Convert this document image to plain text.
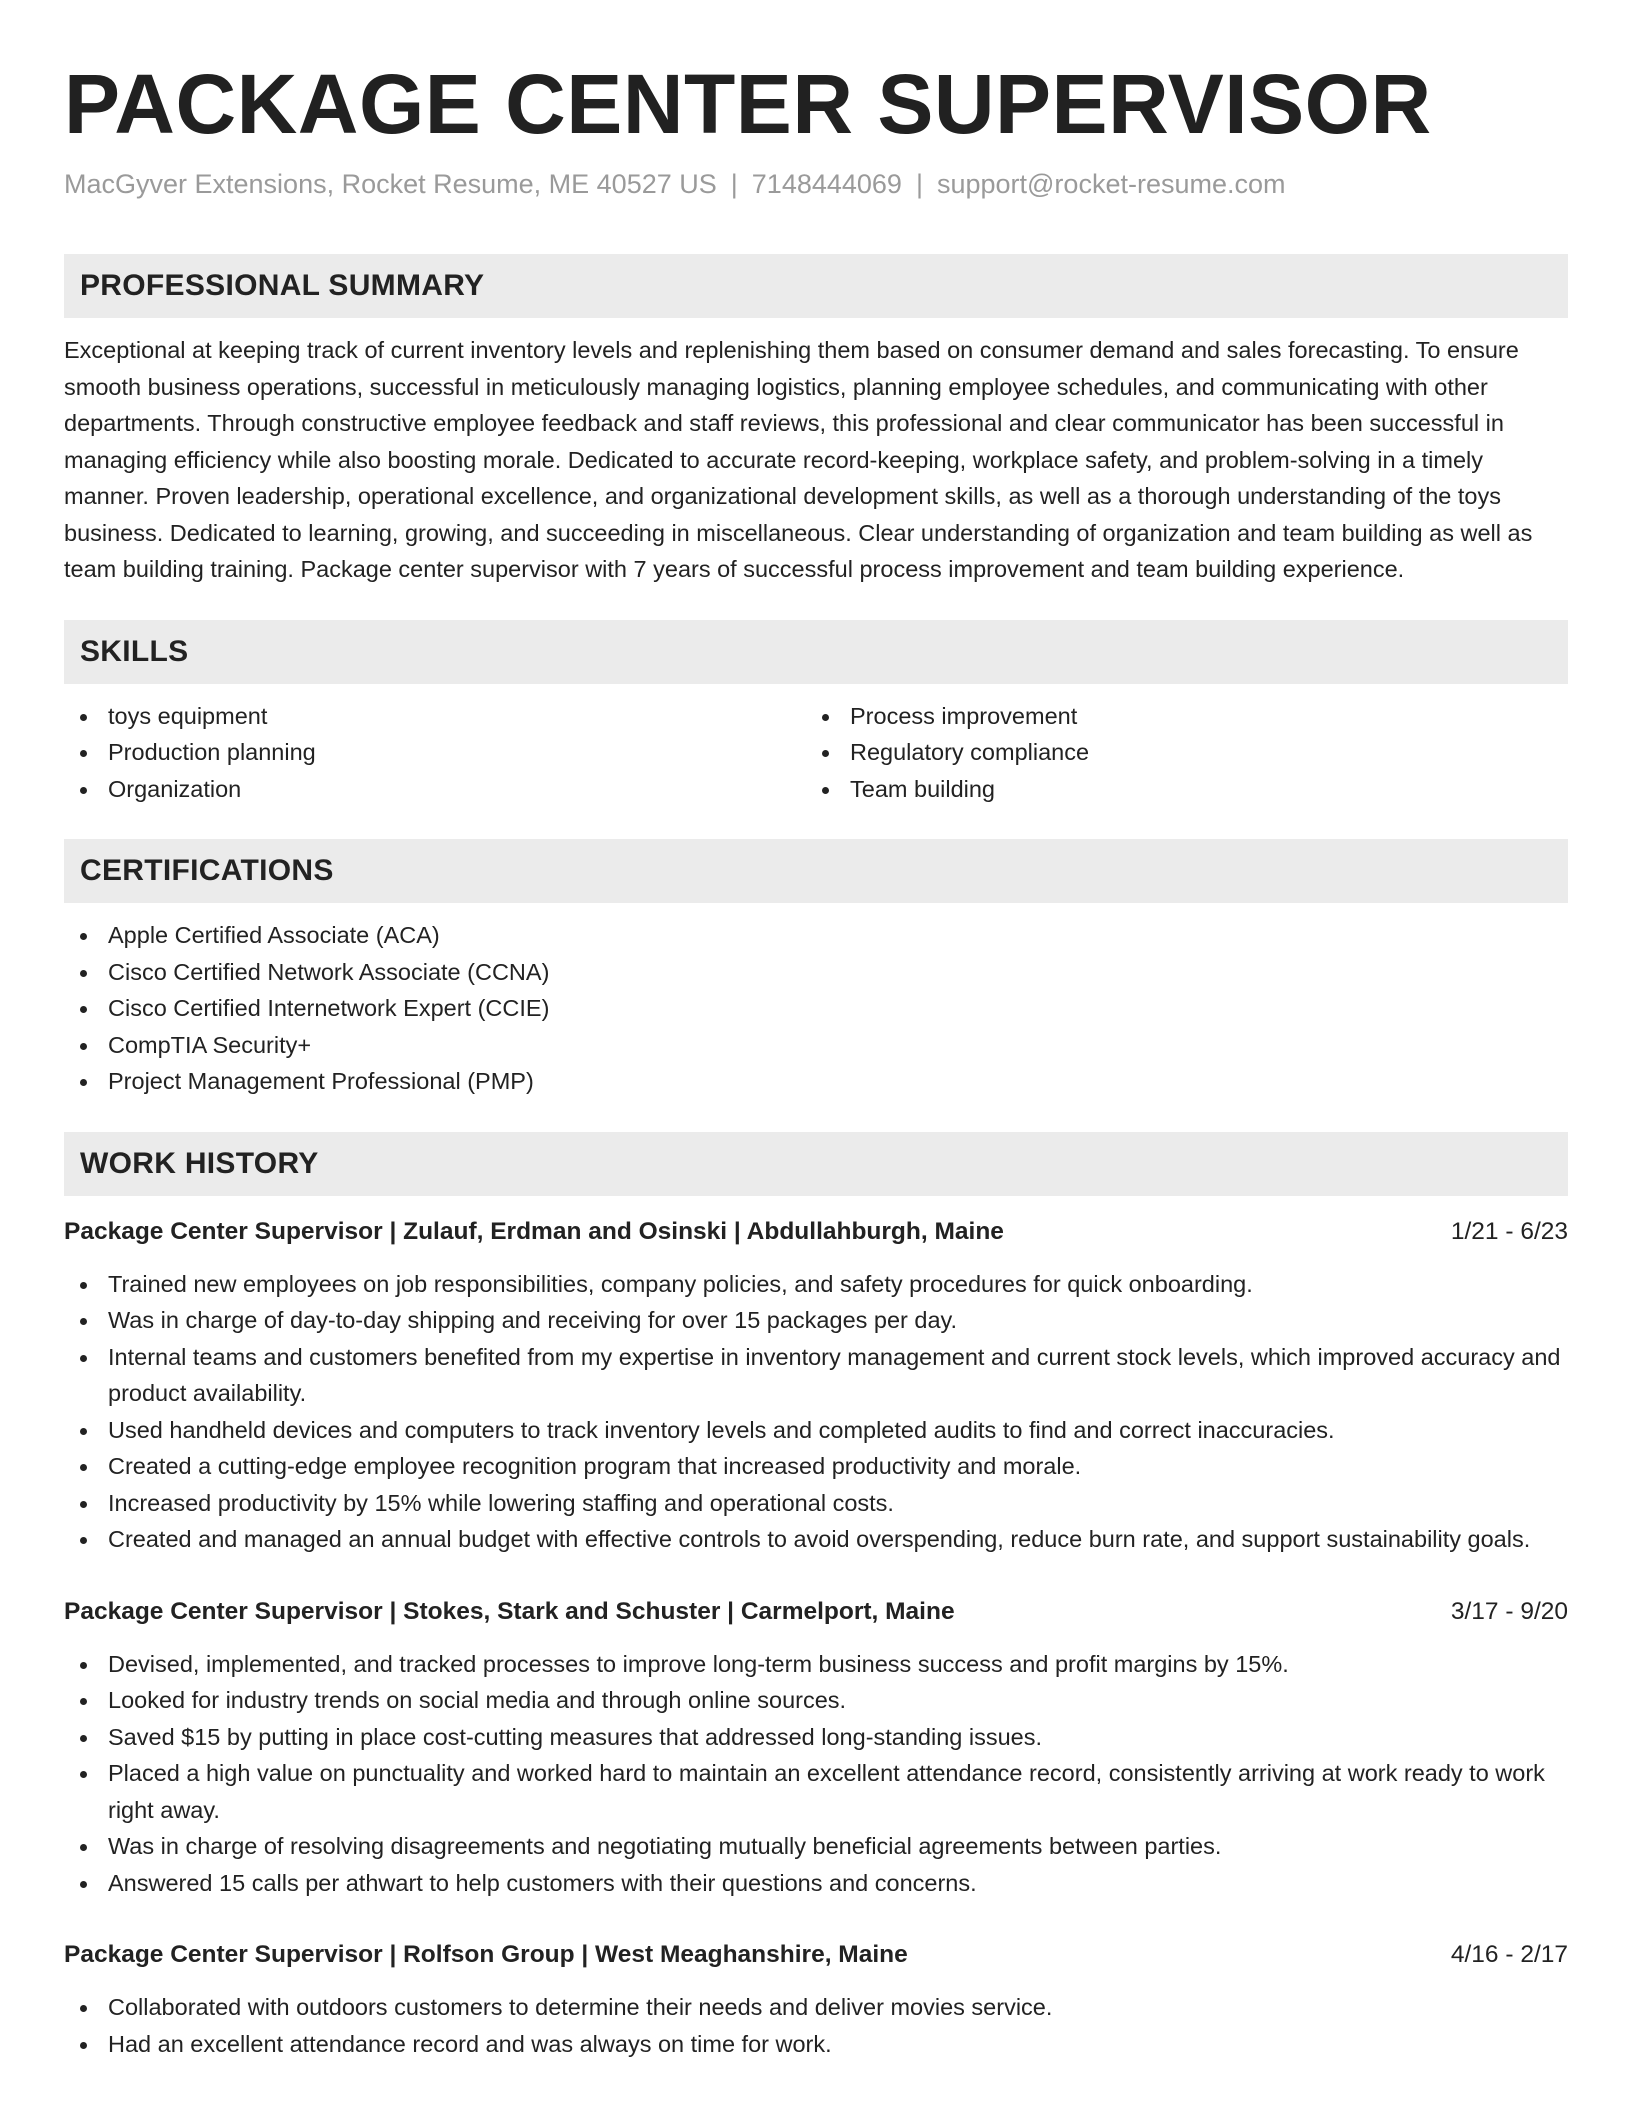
PACKAGE CENTER SUPERVISOR
MacGyver Extensions, Rocket Resume, ME 40527 US | 7148444069 | support@rocket-resume.com
PROFESSIONAL SUMMARY

Exceptional at keeping track of current inventory levels and replenishing them based on consumer demand and sales forecasting. To ensure smooth business operations, successful in meticulously managing logistics, planning employee schedules, and communicating with other departments. Through constructive employee feedback and staff reviews, this professional and clear communicator has been successful in managing efficiency while also boosting morale. Dedicated to accurate record-keeping, workplace safety, and problem-solving in a timely manner. Proven leadership, operational excellence, and organizational development skills, as well as a thorough understanding of the toys business. Dedicated to learning, growing, and succeeding in miscellaneous. Clear understanding of organization and team building as well as team building training. Package center supervisor with 7 years of successful process improvement and team building experience.

SKILLS
toys equipment
Production planning
Organization
Process improvement
Regulatory compliance
Team building
CERTIFICATIONS
Apple Certified Associate (ACA)
Cisco Certified Network Associate (CCNA)
Cisco Certified Internetwork Expert (CCIE)
CompTIA Security+
Project Management Professional (PMP)
WORK HISTORY
Package Center Supervisor | Zulauf, Erdman and Osinski | Abdullahburgh, Maine	1/21 - 6/23
Trained new employees on job responsibilities, company policies, and safety procedures for quick onboarding.
Was in charge of day-to-day shipping and receiving for over 15 packages per day.
Internal teams and customers benefited from my expertise in inventory management and current stock levels, which improved accuracy and product availability.
Used handheld devices and computers to track inventory levels and completed audits to find and correct inaccuracies.
Created a cutting-edge employee recognition program that increased productivity and morale.
Increased productivity by 15% while lowering staffing and operational costs.
Created and managed an annual budget with effective controls to avoid overspending, reduce burn rate, and support sustainability goals.
Package Center Supervisor | Stokes, Stark and Schuster | Carmelport, Maine	3/17 - 9/20
Devised, implemented, and tracked processes to improve long-term business success and profit margins by 15%.
Looked for industry trends on social media and through online sources.
Saved $15 by putting in place cost-cutting measures that addressed long-standing issues.
Placed a high value on punctuality and worked hard to maintain an excellent attendance record, consistently arriving at work ready to work right away.
Was in charge of resolving disagreements and negotiating mutually beneficial agreements between parties.
Answered 15 calls per athwart to help customers with their questions and concerns.
Package Center Supervisor | Rolfson Group | West Meaghanshire, Maine	4/16 - 2/17
Collaborated with outdoors customers to determine their needs and deliver movies service.
Had an excellent attendance record and was always on time for work.
